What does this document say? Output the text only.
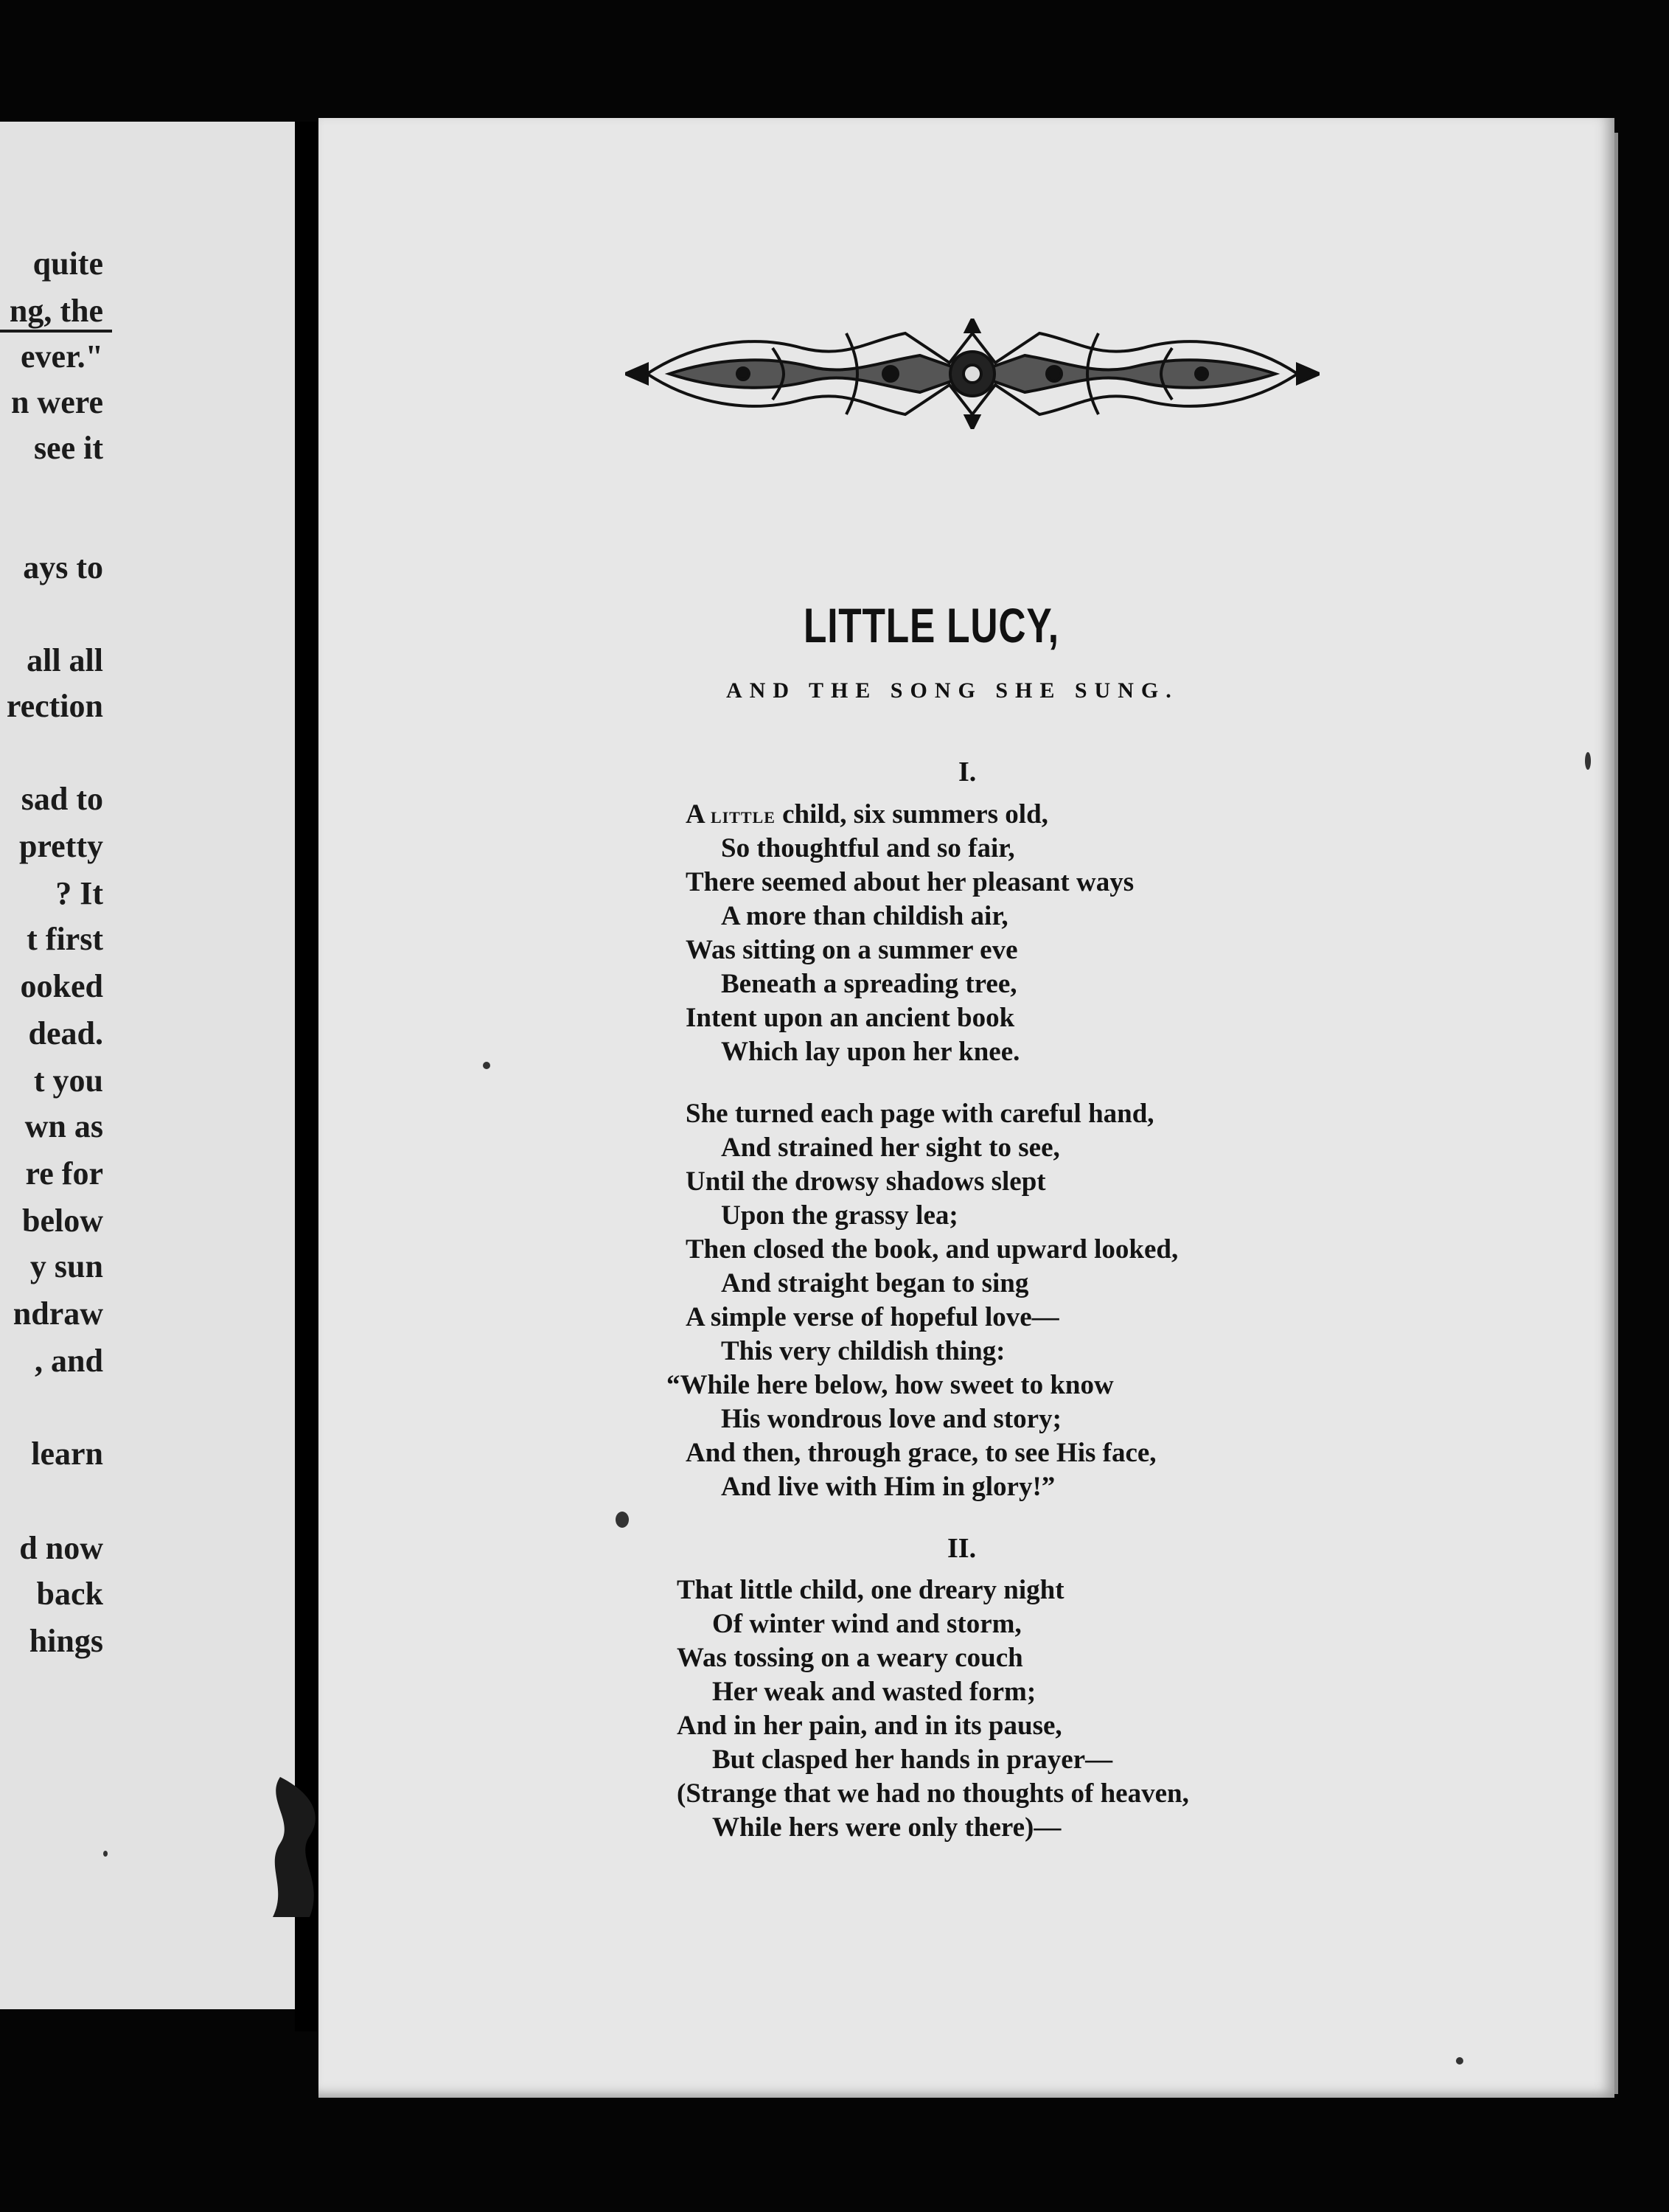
quite
ng, the
ever."
n were
see it
ays to
all all
rection
sad to
pretty
? It
t first
ooked
dead.
t you
wn as
re for
below
y sun
ndraw
, and
learn
d now
back
hings
LITTLE LUCY,
AND THE SONG SHE SUNG.
I.
A little child, six summers old,
So thoughtful and so fair,
There seemed about her pleasant ways
A more than childish air,
Was sitting on a summer eve
Beneath a spreading tree,
Intent upon an ancient book
Which lay upon her knee.
She turned each page with careful hand,
And strained her sight to see,
Until the drowsy shadows slept
Upon the grassy lea;
Then closed the book, and upward looked,
And straight began to sing
A simple verse of hopeful love—
This very childish thing:
“While here below, how sweet to know
His wondrous love and story;
And then, through grace, to see His face,
And live with Him in glory!”
II.
That little child, one dreary night
Of winter wind and storm,
Was tossing on a weary couch
Her weak and wasted form;
And in her pain, and in its pause,
But clasped her hands in prayer—
(Strange that we had no thoughts of heaven,
While hers were only there)—
